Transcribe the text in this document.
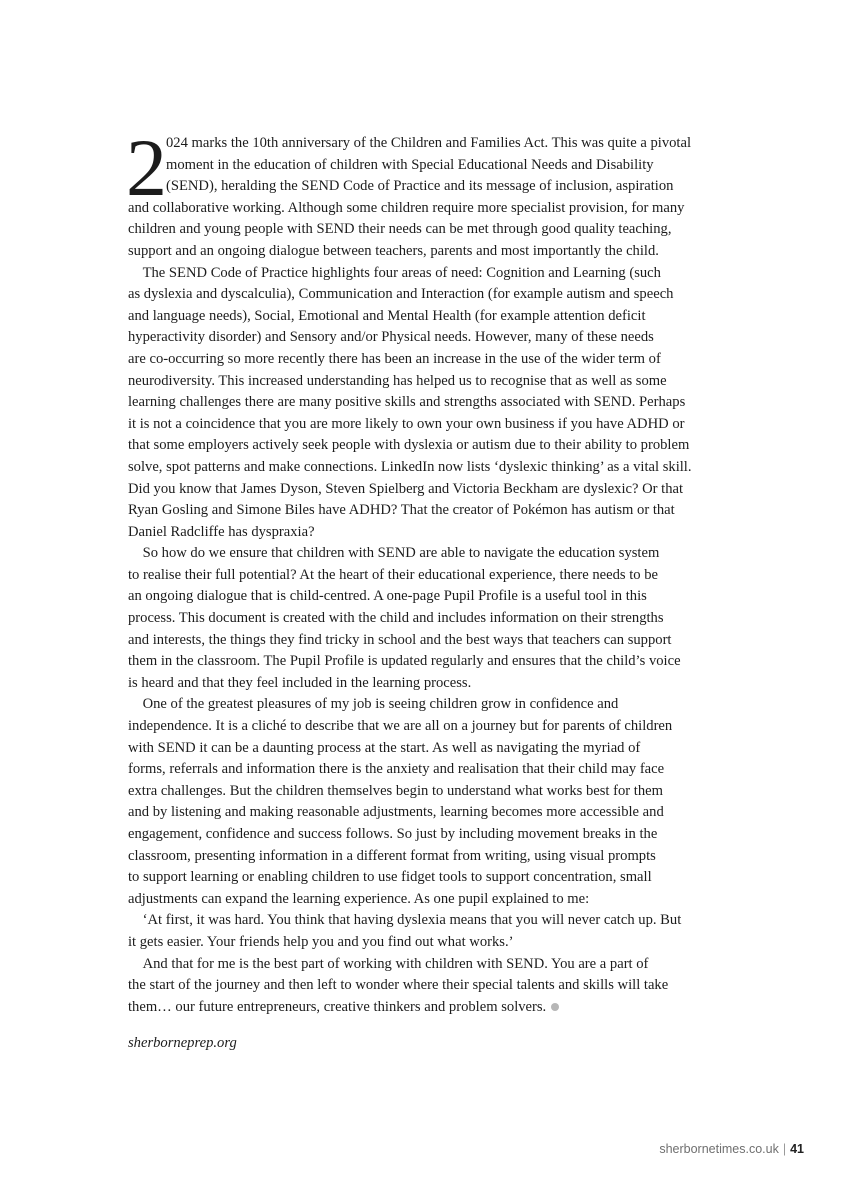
2 024 marks the 10th anniversary of the Children and Families Act. This was quite a pivotal
moment in the education of children with Special Educational Needs and Disability
(SEND), heralding the SEND Code of Practice and its message of inclusion, aspiration
and collaborative working. Although some children require more specialist provision, for many
children and young people with SEND their needs can be met through good quality teaching,
support and an ongoing dialogue between teachers, parents and most importantly the child.
 The SEND Code of Practice highlights four areas of need: Cognition and Learning (such
as dyslexia and dyscalculia), Communication and Interaction (for example autism and speech
and language needs), Social, Emotional and Mental Health (for example attention deficit
hyperactivity disorder) and Sensory and/or Physical needs. However, many of these needs
are co-occurring so more recently there has been an increase in the use of the wider term of
neurodiversity. This increased understanding has helped us to recognise that as well as some
learning challenges there are many positive skills and strengths associated with SEND. Perhaps
it is not a coincidence that you are more likely to own your own business if you have ADHD or
that some employers actively seek people with dyslexia or autism due to their ability to problem
solve, spot patterns and make connections. LinkedIn now lists ‘dyslexic thinking’ as a vital skill.
Did you know that James Dyson, Steven Spielberg and Victoria Beckham are dyslexic? Or that
Ryan Gosling and Simone Biles have ADHD? That the creator of Pokémon has autism or that
Daniel Radcliffe has dyspraxia?
 So how do we ensure that children with SEND are able to navigate the education system
to realise their full potential? At the heart of their educational experience, there needs to be
an ongoing dialogue that is child-centred. A one-page Pupil Profile is a useful tool in this
process. This document is created with the child and includes information on their strengths
and interests, the things they find tricky in school and the best ways that teachers can support
them in the classroom. The Pupil Profile is updated regularly and ensures that the child’s voice
is heard and that they feel included in the learning process.
 One of the greatest pleasures of my job is seeing children grow in confidence and
independence. It is a cliché to describe that we are all on a journey but for parents of children
with SEND it can be a daunting process at the start. As well as navigating the myriad of
forms, referrals and information there is the anxiety and realisation that their child may face
extra challenges. But the children themselves begin to understand what works best for them
and by listening and making reasonable adjustments, learning becomes more accessible and
engagement, confidence and success follows. So just by including movement breaks in the
classroom, presenting information in a different format from writing, using visual prompts
to support learning or enabling children to use fidget tools to support concentration, small
adjustments can expand the learning experience. As one pupil explained to me:
 ‘At first, it was hard. You think that having dyslexia means that you will never catch up. But
it gets easier. Your friends help you and you find out what works.’
 And that for me is the best part of working with children with SEND. You are a part of
the start of the journey and then left to wonder where their special talents and skills will take
them… our future entrepreneurs, creative thinkers and problem solvers.
sherborneprep.org
sherbornetimes.co.uk | 41
